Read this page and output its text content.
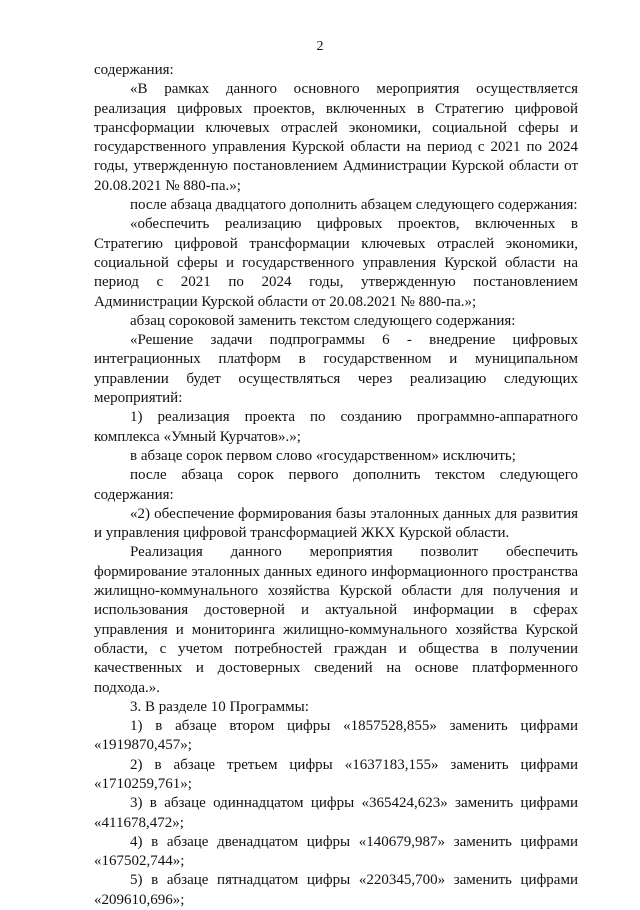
2

содержания:

«В рамках данного основного мероприятия осуществляется реализация цифровых проектов, включенных в Стратегию цифровой трансформации ключевых отраслей экономики, социальной сферы и государственного управления Курской области на период с 2021 по 2024 годы, утвержденную постановлением Администрации Курской области от 20.08.2021 № 880-па.»;

после абзаца двадцатого дополнить абзацем следующего содержания:

«обеспечить реализацию цифровых проектов, включенных в Стратегию цифровой трансформации ключевых отраслей экономики, социальной сферы и государственного управления Курской области на период с 2021 по 2024 годы, утвержденную постановлением Администрации Курской области от 20.08.2021 № 880-па.»;

абзац сороковой заменить текстом следующего содержания:

«Решение задачи подпрограммы 6 - внедрение цифровых интеграционных платформ в государственном и муниципальном управлении будет осуществляться через реализацию следующих мероприятий:

1) реализация проекта по созданию программно-аппаратного комплекса «Умный Курчатов».»;

в абзаце сорок первом слово «государственном» исключить;

после абзаца сорок первого дополнить текстом следующего содержания:

«2) обеспечение формирования базы эталонных данных для развития и управления цифровой трансформацией ЖКХ Курской области.

Реализация данного мероприятия позволит обеспечить формирование эталонных данных единого информационного пространства жилищно-коммунального хозяйства Курской области для получения и использования достоверной и актуальной информации в сферах управления и мониторинга жилищно-коммунального хозяйства Курской области, с учетом потребностей граждан и общества в получении качественных и достоверных сведений на основе платформенного подхода.».

3. В разделе 10 Программы:

1) в абзаце втором цифры «1857528,855» заменить цифрами «1919870,457»;

2) в абзаце третьем цифры «1637183,155» заменить цифрами «1710259,761»;

3) в абзаце одиннадцатом цифры «365424,623» заменить цифрами «411678,472»;

4) в абзаце двенадцатом цифры «140679,987» заменить цифрами «167502,744»;

5) в абзаце пятнадцатом цифры «220345,700» заменить цифрами «209610,696»;
